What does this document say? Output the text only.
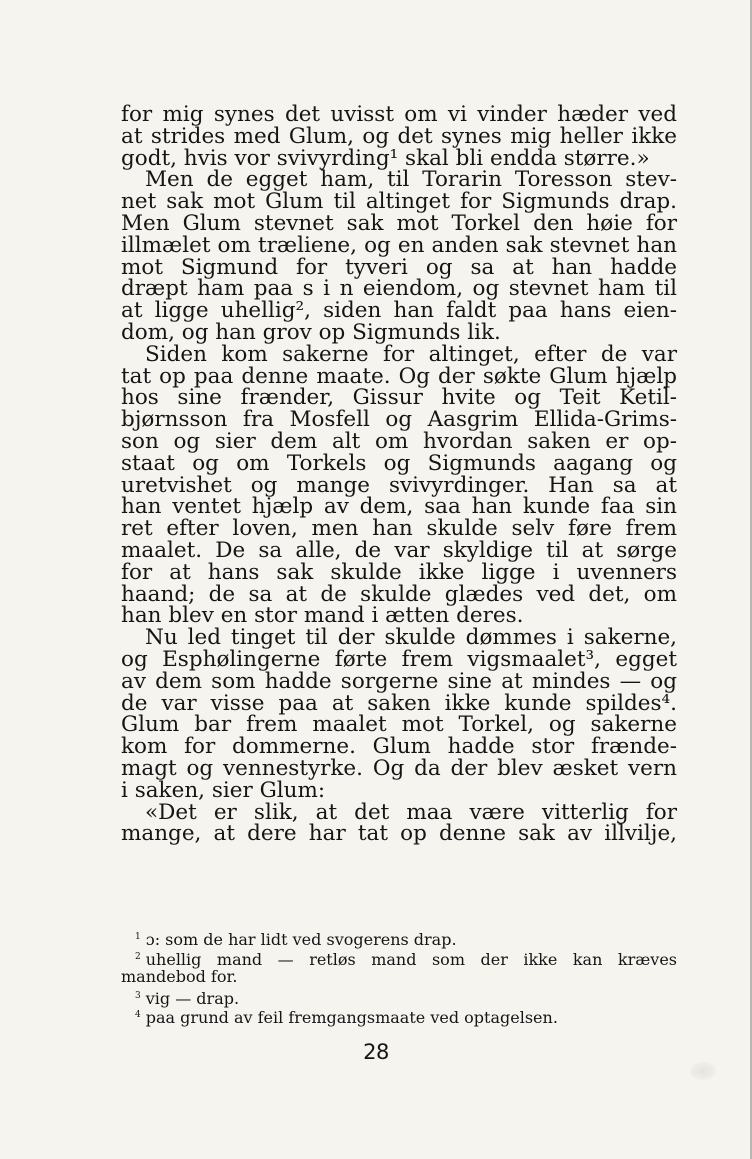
for mig synes det uvisst om vi vinder hæder ved
at strides med Glum, og det synes mig heller ikke
godt, hvis vor svivyrding¹ skal bli endda større.»
Men de egget ham, til Torarin Toresson stev-
net sak mot Glum til altinget for Sigmunds drap.
Men Glum stevnet sak mot Torkel den høie for
illmælet om træliene, og en anden sak stevnet han
mot Sigmund for tyveri og sa at han hadde
dræpt ham paa s i n eiendom, og stevnet ham til
at ligge uhellig², siden han faldt paa hans eien-
dom, og han grov op Sigmunds lik.
Siden kom sakerne for altinget, efter de var
tat op paa denne maate. Og der søkte Glum hjælp
hos sine frænder, Gissur hvite og Teit Ketil-
bjørnsson fra Mosfell og Aasgrim Ellida-Grims-
son og sier dem alt om hvordan saken er op-
staat og om Torkels og Sigmunds aagang og
uretvishet og mange svivyrdinger. Han sa at
han ventet hjælp av dem, saa han kunde faa sin
ret efter loven, men han skulde selv føre frem
maalet. De sa alle, de var skyldige til at sørge
for at hans sak skulde ikke ligge i uvenners
haand; de sa at de skulde glædes ved det, om
han blev en stor mand i ætten deres.
Nu led tinget til der skulde dømmes i sakerne,
og Esphølingerne førte frem vigsmaalet³, egget
av dem som hadde sorgerne sine at mindes — og
de var visse paa at saken ikke kunde spildes⁴.
Glum bar frem maalet mot Torkel, og sakerne
kom for dommerne. Glum hadde stor frænde-
magt og vennestyrke. Og da der blev æsket vern
i saken, sier Glum:
«Det er slik, at det maa være vitterlig for
mange, at dere har tat op denne sak av illvilje,
$^1$ ɔ: som de har lidt ved svogerens drap.
$^2$ uhellig mand — retløs mand som der ikke kan kræves
mandebod for.
$^3$ vig — drap.
$^4$ paa grund av feil fremgangsmaate ved optagelsen.
28
